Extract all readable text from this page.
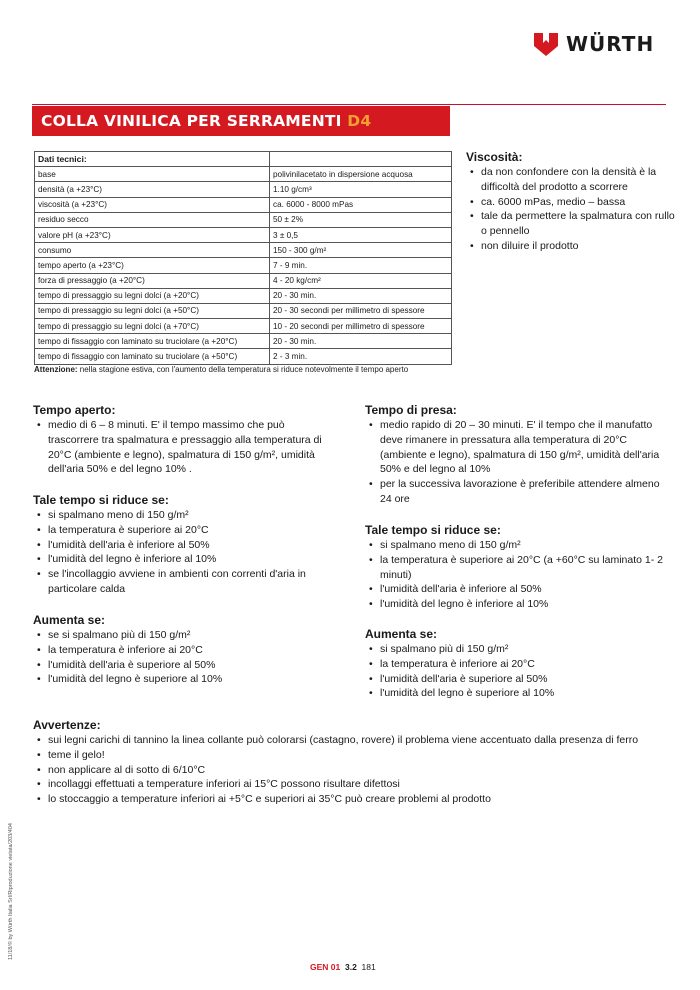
WÜRTH
COLLA VINILICA PER SERRAMENTI D4
Dati tecnici:	
base	polivinilacetato in dispersione acquosa
densità (a +23°C)	1.10 g/cm³
viscosità (a +23°C)	ca. 6000 - 8000 mPas
residuo secco	50 ± 2%
valore pH (a +23°C)	3 ± 0,5
consumo	150 - 300 g/m²
tempo aperto (a +23°C)	7 - 9 min.
forza di pressaggio (a +20°C)	4 - 20 kg/cm²
tempo di pressaggio su legni dolci (a +20°C)	20 - 30 min.
tempo di pressaggio su legni dolci (a +50°C)	20 - 30 secondi per millimetro di spessore
tempo di pressaggio su legni dolci (a +70°C)	10 - 20 secondi per millimetro di spessore
tempo di fissaggio con laminato su truciolare (a +20°C)	20 - 30 min.
tempo di fissaggio con laminato su truciolare (a +50°C)	2 - 3 min.
Attenzione: nella stagione estiva, con l'aumento della temperatura si riduce notevolmente il tempo aperto
Viscosità:
• da non confondere con la densità è la difficoltà del prodotto a scorrere
• ca. 6000 mPas, medio – bassa
• tale da permettere la spalmatura con rullo o pennello
• non diluire il prodotto
Tempo aperto:
• medio di 6 – 8 minuti. E' il tempo massimo che può trascorrere tra spalmatura e pressaggio alla temperatura di 20°C (ambiente e legno), spalmatura di 150 g/m², umidità dell'aria 50% e del legno 10% .
Tale tempo si riduce se:
• si spalmano meno di 150 g/m²
• la temperatura è superiore ai 20°C
• l'umidità dell'aria è inferiore al 50%
• l'umidità del legno è inferiore al 10%
• se l'incollaggio avviene in ambienti con correnti d'aria in particolare calda
Aumenta se:
• se si spalmano più di 150 g/m²
• la temperatura è inferiore ai 20°C
• l'umidità dell'aria è superiore al 50%
• l'umidità del legno è superiore al 10%
Tempo di presa:
• medio rapido di 20 – 30 minuti. E' il tempo che il manufatto deve rimanere in pressatura alla temperatura di 20°C (ambiente e legno), spalmatura di 150 g/m², umidità dell'aria 50% e del legno al 10%
• per la successiva lavorazione è preferibile attendere almeno 24 ore
Tale tempo si riduce se:
• si spalmano meno di 150 g/m²
• la temperatura è superiore ai 20°C (a +60°C su laminato 1- 2 minuti)
• l'umidità dell'aria è inferiore al 50%
• l'umidità del legno è inferiore al 10%
Aumenta se:
• si spalmano più di 150 g/m²
• la temperatura è inferiore ai 20°C
• l'umidità dell'aria è superiore al 50%
• l'umidità del legno è superiore al 10%
Avvertenze:
• sui legni carichi di tannino la linea collante può colorarsi (castagno, rovere) il problema viene accentuato dalla presenza di ferro
• teme il gelo!
• non applicare al di sotto di 6/10°C
• incollaggi effettuati a temperature inferiori ai 15°C possono risultare difettosi
• lo stoccaggio a temperature inferiori ai +5°C e superiori ai 35°C può creare problemi al prodotto
11/18/© by Würth Italia Srl/Riproduzione vietata/203/404
GEN 01 3.2 181
